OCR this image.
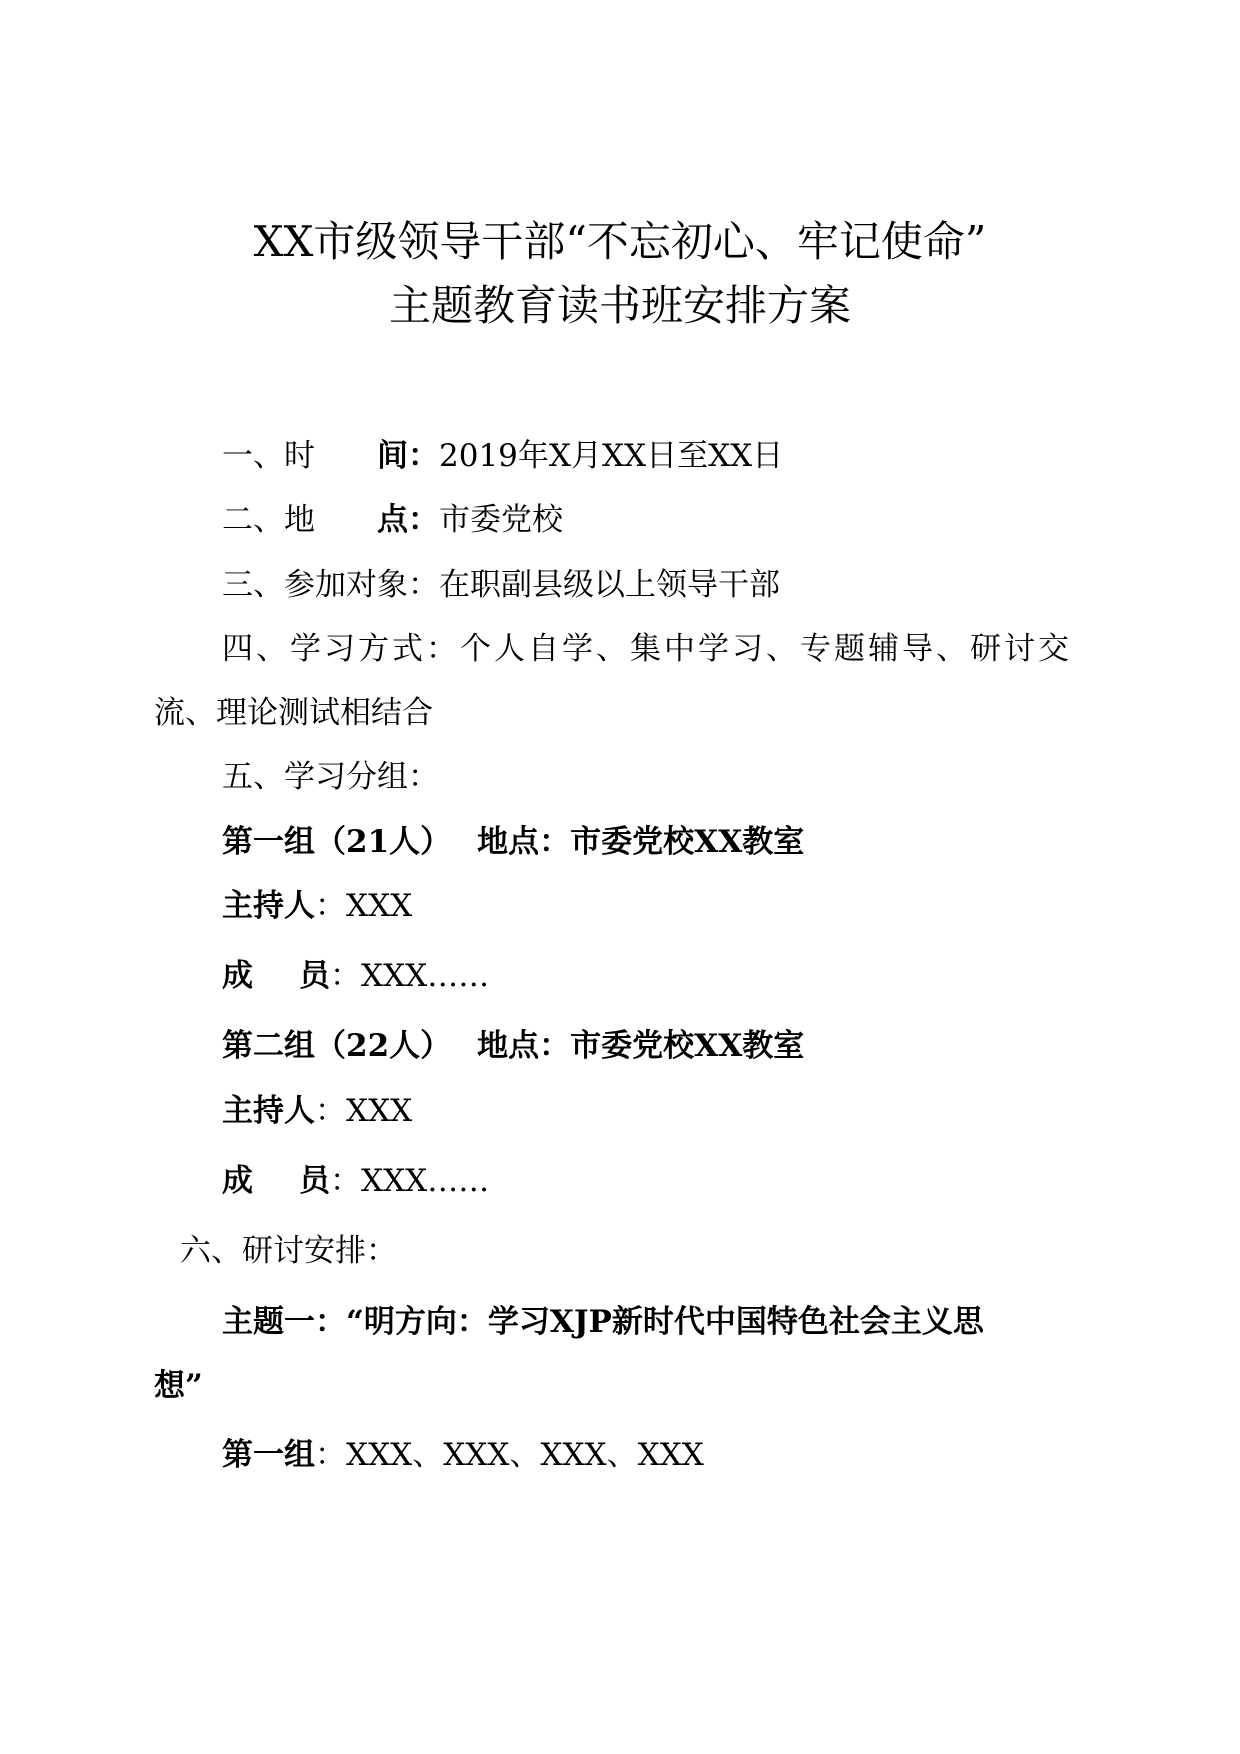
XX市级领导干部“不忘初心、牢记使命”
主题教育读书班安排方案
一、时 间：2019年X月XX日至XX日
二、地 点：市委党校
三、参加对象：在职副县级以上领导干部
四、学习方式：个人自学、集中学习、专题辅导、研讨交
流、理论测试相结合
五、学习分组：
第一组（21人） 地点：市委党校XX教室
主持人：XXX
成 员：XXX……
第二组（22人） 地点：市委党校XX教室
主持人：XXX
成 员：XXX……
六、研讨安排：
主题一：“明方向：学习XJP新时代中国特色社会主义思
想”
第一组：XXX、XXX、XXX、XXX
